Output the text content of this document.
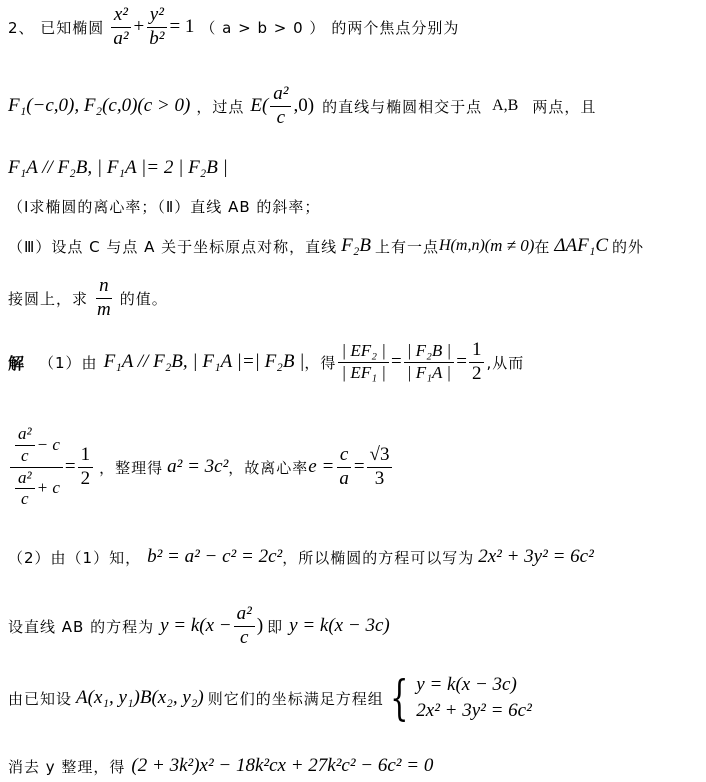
2、 已知椭圆 $\frac{\text{x²}}{\text{a²}} + \frac{\text{y²}}{\text{b²}} = 1$ （ a > b > 0 ） 的两个焦点分别为
F₁(−c,0), F₂(c,0)(c > 0) ，过点 $E( \frac{\text{a²}}{c} ,0)$ 的直线与椭圆相交于点 A,B 两点，且
F₁A // F₂B, | F₁A |= 2 | F₂B |
（Ⅰ求椭圆的离心率；（Ⅱ）直线 AB 的斜率；
（Ⅲ）设点 C 与点 A 关于坐标原点对称，直线 F₂B 上有一点 H(m,n)( m ≠ 0) 在 ΔAF₁C 的外
接圆上，求 $\frac{n}{m}$ 的值。
解 （1）由 F₁A // F₂B, | F₁A |=| F₂B | ，得 $\frac{\text{| EF₂ |}}{\text{| EF₁ |}} = \frac{\text{| F₂B |}}{\text{| F₁A |}} = \frac{1}{2}$ ,从而
$\frac{\frac{\text{a²}}{c} - c}{\frac{\text{a²}}{c} + c} = \frac{1}{2}$ ，整理得 a² = 3c² ，故离心率 $e = \frac{c}{a} = \frac{√3}{3}$
（2）由（1）知， b² = a² − c² = 2c² ，所以椭圆的方程可以写为 2x² + 3y² = 6c²
设直线 AB 的方程为 $y = k(x - \frac{\text{a²}}{c}$ ) 即 y = k(x − 3c)
由已知设 A(x₁, y₁)B(x₂, y₂) 则它们的坐标满足方程组 { y = k(x − 3c)
2x² + 3y² = 6c²
消去 y 整理，得 (2 + 3k²)x² − 18k²cx + 27k²c² − 6c² = 0
